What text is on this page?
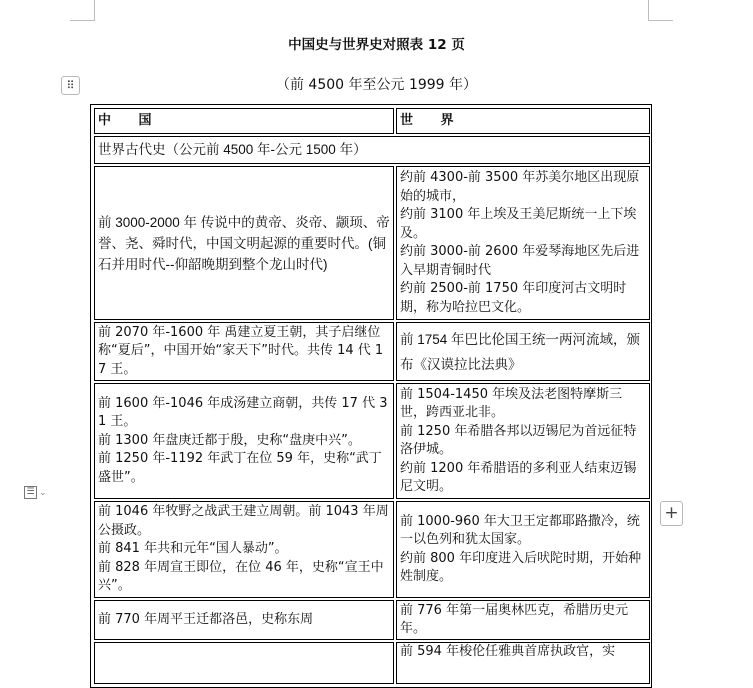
中国史与世界史对照表 12 页
（前 4500 年至公元 1999 年）
⠿
☰ ⌄
+
中　　国	世　　界
世界古代史（公元前 4500 年-公元 1500 年）	
前 3000-2000 年 传说中的黄帝、炎帝、颛顼、帝誉、尧、舜时代，中国文明起源的重要时代。(铜石并用时代--仰韶晚期到整个龙山时代)	约前 4300-前 3500 年苏美尔地区出现原始的城市，
约前 3100 年上埃及王美尼斯统一上下埃及。
约前 3000-前 2600 年爱琴海地区先后进入早期青铜时代
约前 2500-前 1750 年印度河古文明时期，称为哈拉巴文化。

前 2070 年-1600 年 禹建立夏王朝，其子启继位称“夏后”，中国开始“家天下”时代。共传 14 代 17 王。	前 1754 年巴比伦国王统一两河流域，颁布《汉谟拉比法典》

前 1600 年-1046 年成汤建立商朝，共传 17 代 31 王。
前 1300 年盘庚迁都于殷，史称“盘庚中兴”。
前 1250 年-1192 年武丁在位 59 年，史称“武丁盛世”。	前 1504-1450 年埃及法老图特摩斯三世，跨西亚北非。
前 1250 年希腊各邦以迈锡尼为首远征特洛伊城。
约前 1200 年希腊语的多利亚人结束迈锡尼文明。

前 1046 年牧野之战武王建立周朝。前 1043 年周公摄政。
前 841 年共和元年“国人暴动”。
前 828 年周宣王即位，在位 46 年，史称“宣王中兴”。	前 1000-960 年大卫王定都耶路撒冷，统一以色列和犹太国家。
约前 800 年印度进入后吠陀时期，开始种姓制度。

前 770 年周平王迁都洛邑，史称东周	前 776 年第一届奥林匹克，希腊历史元年。

	前 594 年梭伦任雅典首席执政官，实
